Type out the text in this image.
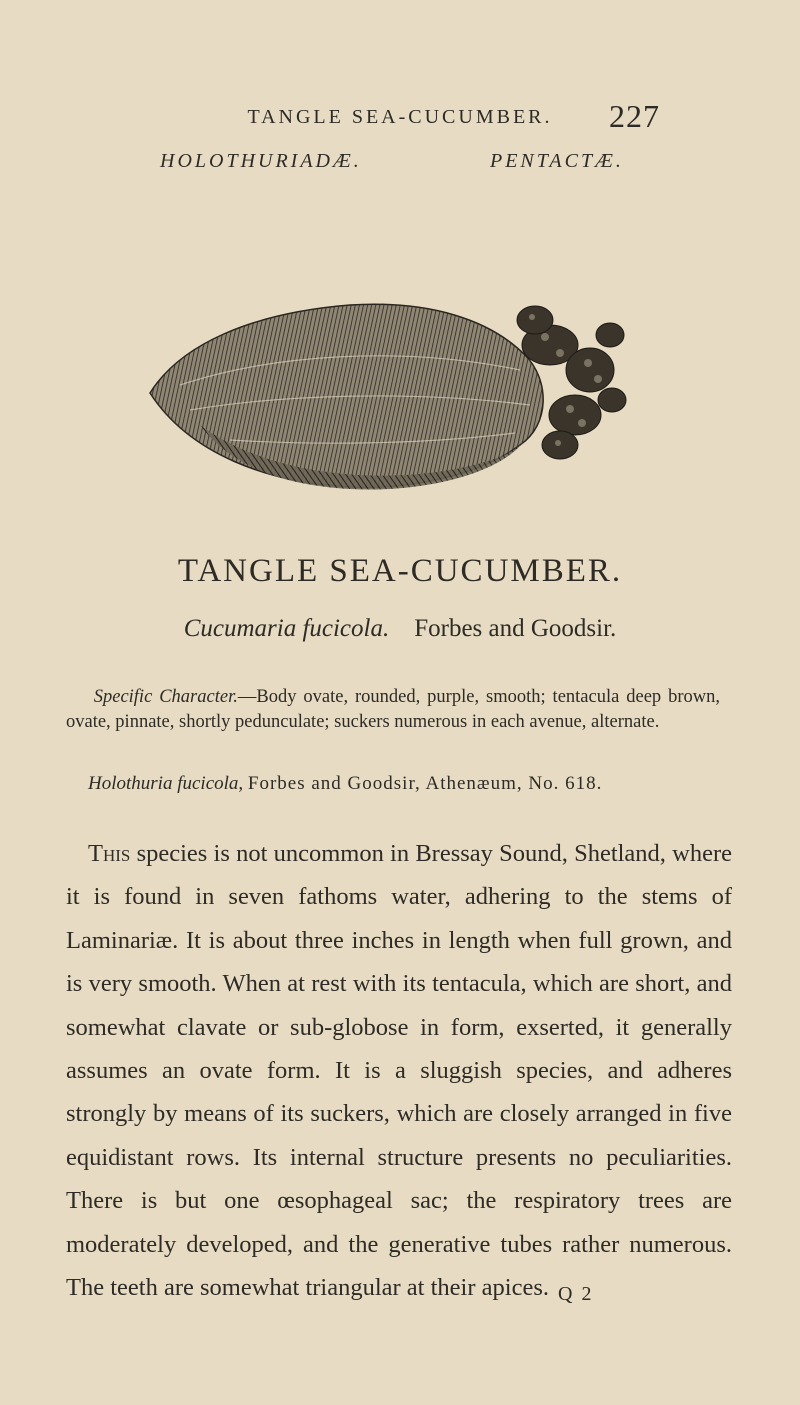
TANGLE SEA-CUCUMBER.	227
HOLOTHURIADÆ.	PENTACTÆ.
TANGLE SEA-CUCUMBER.
Cucumaria fucicola. Forbes and Goodsir.
Specific Character.—Body ovate, rounded, purple, smooth; tentacula deep brown, ovate, pinnate, shortly pedunculate; suckers numerous in each avenue, alternate.
Holothuria fucicola, Forbes and Goodsir, Athenæum, No. 618.
This species is not uncommon in Bressay Sound, Shetland, where it is found in seven fathoms water, adhering to the stems of Laminariæ. It is about three inches in length when full grown, and is very smooth. When at rest with its tentacula, which are short, and somewhat clavate or sub-globose in form, exserted, it generally assumes an ovate form. It is a sluggish species, and adheres strongly by means of its suckers, which are closely arranged in five equidistant rows. Its internal structure presents no peculiarities. There is but one œsophageal sac; the respiratory trees are moderately developed, and the generative tubes rather numerous. The teeth are somewhat triangular at their apices. Q 2
